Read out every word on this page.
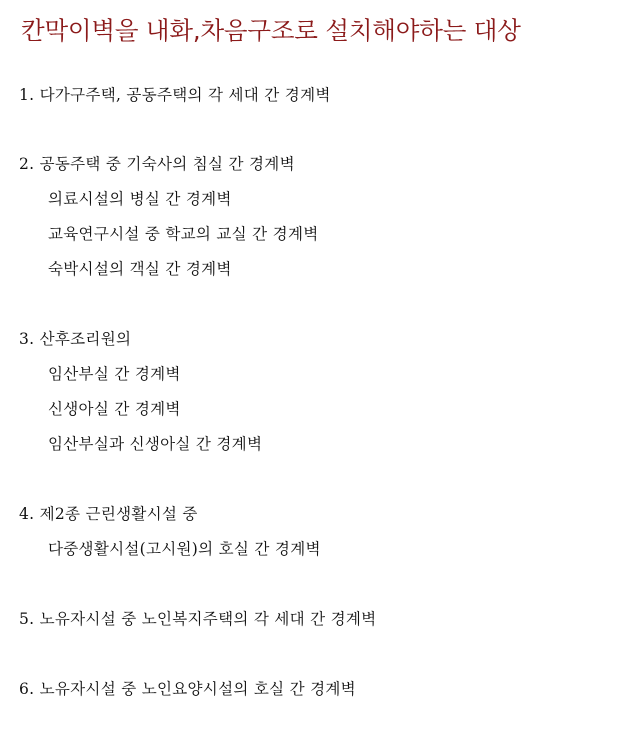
칸막이벽을 내화,차음구조로 설치해야하는 대상
1. 다가구주택, 공동주택의 각 세대 간 경계벽
2. 공동주택 중 기숙사의 침실 간 경계벽
의료시설의 병실 간 경계벽
교육연구시설 중 학교의 교실 간 경계벽
숙박시설의 객실 간 경계벽
3. 산후조리원의
임산부실 간 경계벽
신생아실 간 경계벽
임산부실과 신생아실 간 경계벽
4. 제2종 근린생활시설 중
다중생활시설(고시원)의 호실 간 경계벽
5. 노유자시설 중 노인복지주택의 각 세대 간 경계벽
6. 노유자시설 중 노인요양시설의 호실 간 경계벽
